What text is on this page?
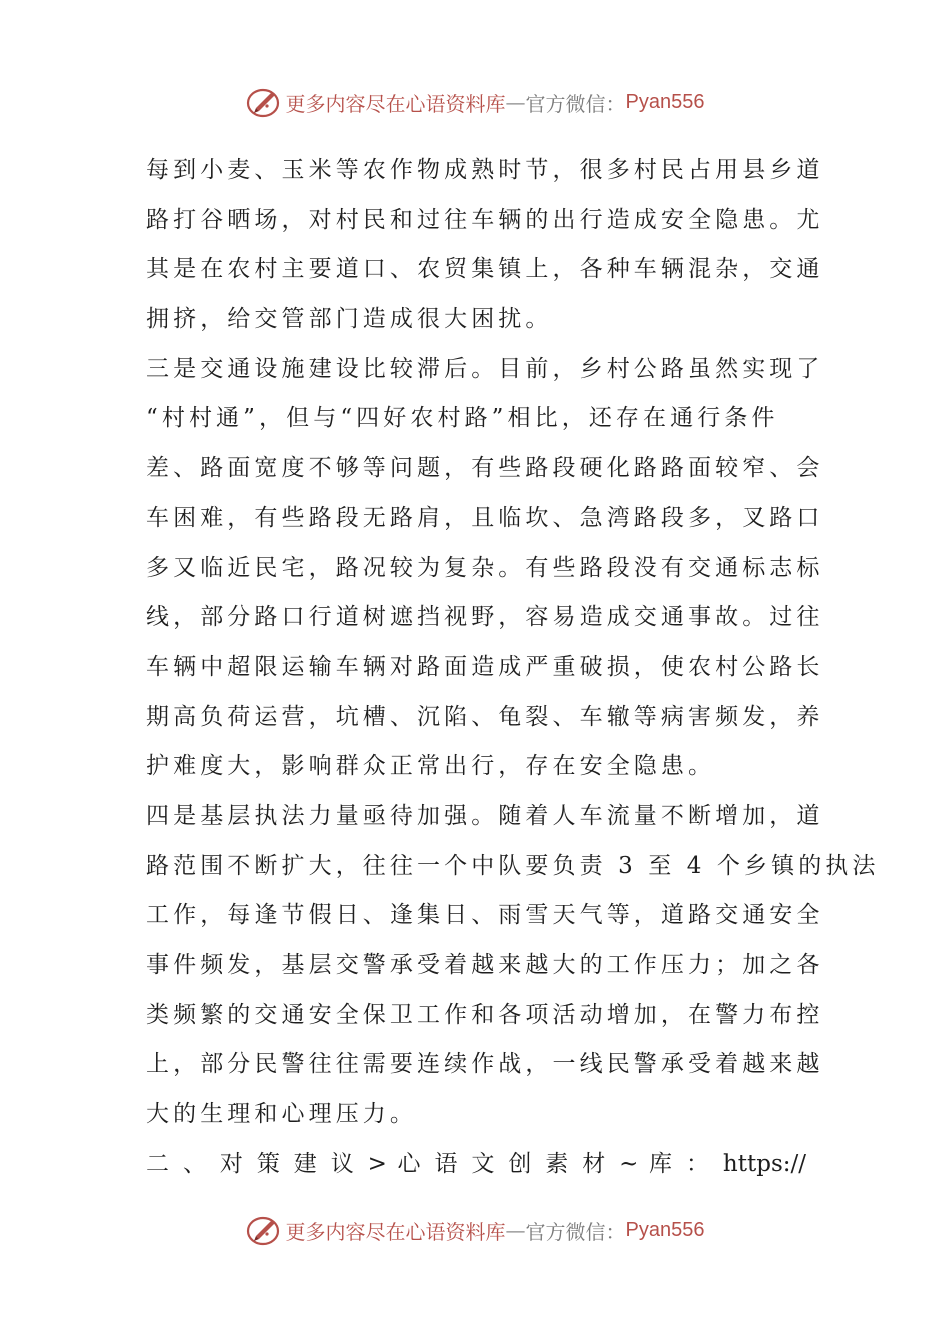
更多内容尽在心语资料库 — 官方微信： Pyan556
每到小麦、玉米等农作物成熟时节，很多村民占用县乡道
路打谷晒场，对村民和过往车辆的出行造成安全隐患。尤
其是在农村主要道口、农贸集镇上，各种车辆混杂，交通
拥挤，给交管部门造成很大困扰。
三是交通设施建设比较滞后。目前，乡村公路虽然实现了
“村村通”，但与“四好农村路”相比，还存在通行条件
差、路面宽度不够等问题，有些路段硬化路路面较窄、会
车困难，有些路段无路肩，且临坎、急湾路段多，叉路口
多又临近民宅，路况较为复杂。有些路段没有交通标志标
线，部分路口行道树遮挡视野，容易造成交通事故。过往
车辆中超限运输车辆对路面造成严重破损，使农村公路长
期高负荷运营，坑槽、沉陷、龟裂、车辙等病害频发，养
护难度大，影响群众正常出行，存在安全隐患。
四是基层执法力量亟待加强。随着人车流量不断增加，道
路范围不断扩大，往往一个中队要负责 3 至 4 个乡镇的执法
工作，每逢节假日、逢集日、雨雪天气等，道路交通安全
事件频发，基层交警承受着越来越大的工作压力；加之各
类频繁的交通安全保卫工作和各项活动增加，在警力布控
上，部分民警往往需要连续作战，一线民警承受着越来越
大的生理和心理压力。
二 、 对 策 建 议 > 心 语 文 创 素 材 ~ 库 ： https://
更多内容尽在心语资料库 — 官方微信： Pyan556
